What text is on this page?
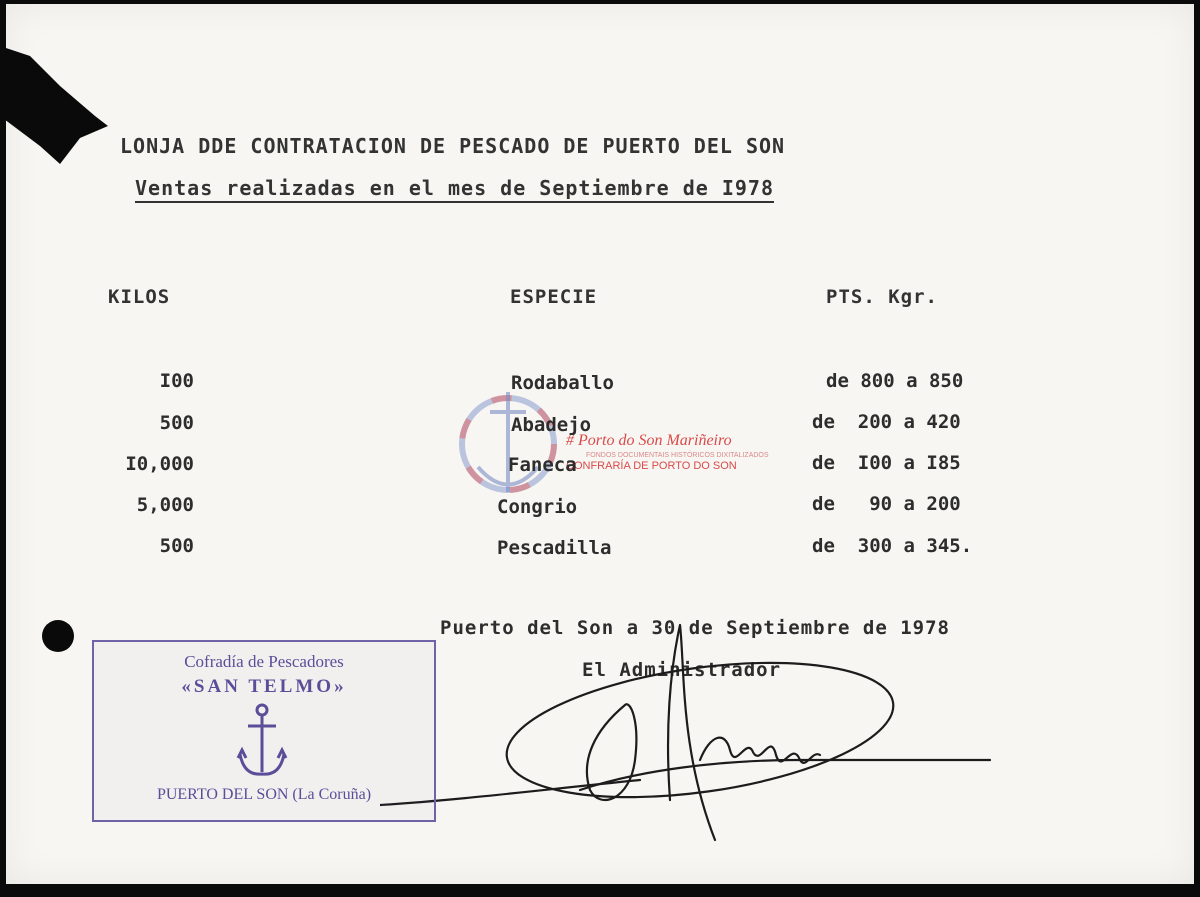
LONJA DDE CONTRATACION DE PESCADO DE PUERTO DEL SON
Ventas realizadas en el mes de Septiembre de I978
KILOS	ESPECIE	PTS. Kgr.
# Porto do Son Mariñeiro
FONDOS DOCUMENTAIS HISTÓRICOS DIXITALIZADOS
CONFRARÍA DE PORTO DO SON
I00	Rodaballo	de 800 a 850
500	Abadejo	de  200 a 420
I0,000	Faneca	de  I00 a I85
5,000	Congrio	de   90 a 200
500	Pescadilla	de  300 a 345.
Puerto del Son a 30 de Septiembre de 1978
El Administrador
Cofradía de Pescadores
«SAN TELMO»
PUERTO DEL SON (La Coruña)
